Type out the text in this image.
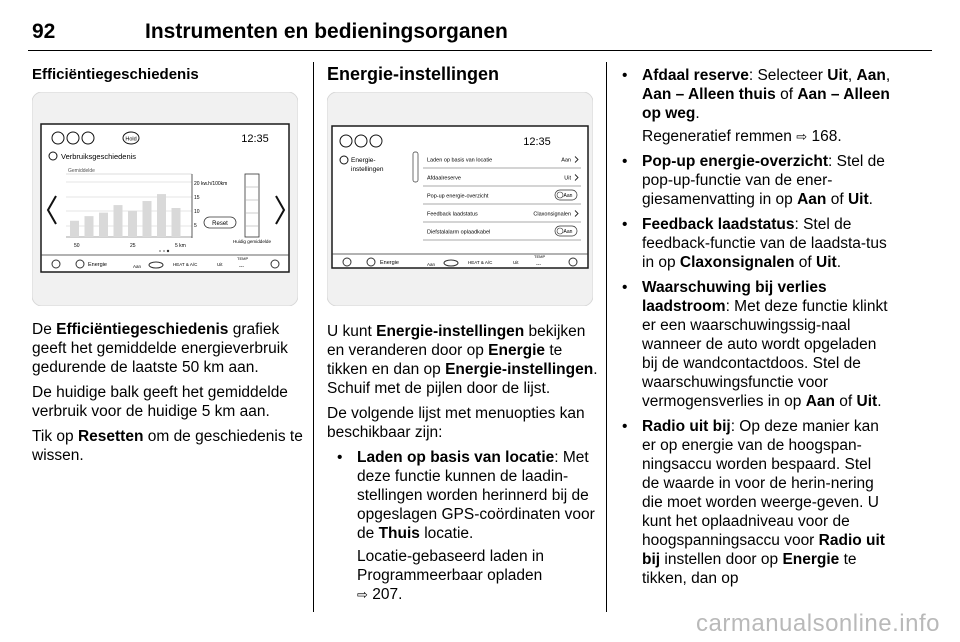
92	Instrumenten en bedieningsorganen
Efficiëntiegeschiedenis
Hold	12:35
Verbruiksgeschiedenis
Gemiddelde
20 kw.h/100km
15
10
5
50	25	5 km
Huidig gemiddelde
Reset
Energie	Aan	HEAT & A/C	Uit
TEMP
---

De Efficiëntiegeschiedenis grafiek geeft het gemiddelde energieverbruik gedurende de laatste 50 km aan.

De huidige balk geeft het gemiddelde verbruik voor de huidige 5 km aan.

Tik op Resetten om de geschiedenis te wissen.

Energie-instellingen
12:35
Energie-
instellingen
Laden op basis van locatie	Aan
Afdaalreserve	Uit
Pop-up energie-overzicht	Aan
Feedback laadstatus	Claxonsignalen
Diefstalalarm oplaadkabel	Aan
Energie	Aan	HEAT & A/C	Uit
TEMP
---

U kunt Energie-instellingen bekijken en veranderen door op Energie te tikken en dan op Energie-instellingen. Schuif met de pijlen door de lijst.

De volgende lijst met menuopties kan beschikbaar zijn:

• Laden op basis van locatie: Met deze functie kunnen de laadin-stellingen worden herinnerd bij de opgeslagen GPS-coördinaten voor de Thuis locatie.
Locatie-gebaseerd laden in Programmeerbaar opladen
⇨ 207.
• Afdaal reserve: Selecteer Uit, Aan, Aan – Alleen thuis of Aan – Alleen op weg.
Regeneratief remmen ⇨ 168.
• Pop-up energie-overzicht: Stel de pop-up-functie van de ener-giesamenvatting in op Aan of Uit.
• Feedback laadstatus: Stel de feedback-functie van de laadsta-tus in op Claxonsignalen of Uit.
• Waarschuwing bij verlies laadstroom: Met deze functie klinkt er een waarschuwingssig-naal wanneer de auto wordt opgeladen bij de wandcontactdoos. Stel de waarschuwingsfunctie voor vermogensverlies in op Aan of Uit.
• Radio uit bij: Op deze manier kan er op energie van de hoogspan-ningsaccu worden bespaard. Stel de waarde in voor de herin-nering die moet worden weerge-geven. U kunt het oplaadniveau voor de hoogspanningsaccu voor Radio uit bij instellen door op Energie te tikken, dan op
carmanualsonline.info
